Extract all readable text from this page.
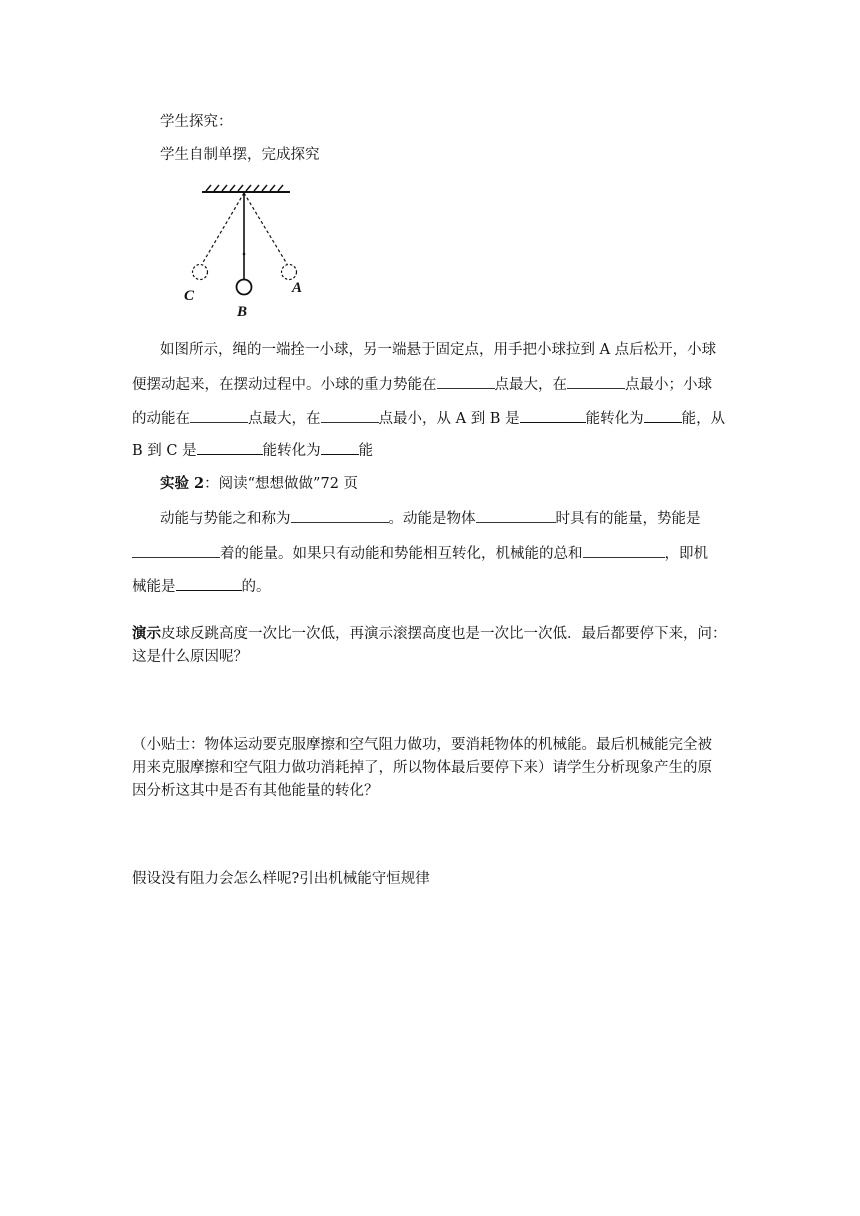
学生探究：
学生自制单摆，完成探究
C
B
A
如图所示，绳的一端拴一小球，另一端悬于固定点，用手把小球拉到 A 点后松开，小球
便摆动起来，在摆动过程中。小球的重力势能在	点最大，在	点最小；小球
的动能在	点最大，在	点最小，从 A 到 B 是	能转化为	能，从
B 到 C 是	能转化为	能
实验 2：阅读“想想做做”72 页
动能与势能之和称为	。动能是物体	时具有的能量，势能是
着的能量。如果只有动能和势能相互转化，机械能的总和	，即机
械能是	的。
演示皮球反跳高度一次比一次低，再演示滚摆高度也是一次比一次低．最后都要停下来，问：
这是什么原因呢？
（小贴士：物体运动要克服摩擦和空气阻力做功，要消耗物体的机械能。最后机械能完全被
用来克服摩擦和空气阻力做功消耗掉了，所以物体最后要停下来）请学生分析现象产生的原
因分析这其中是否有其他能量的转化？
假设没有阻力会怎么样呢?引出机械能守恒规律
